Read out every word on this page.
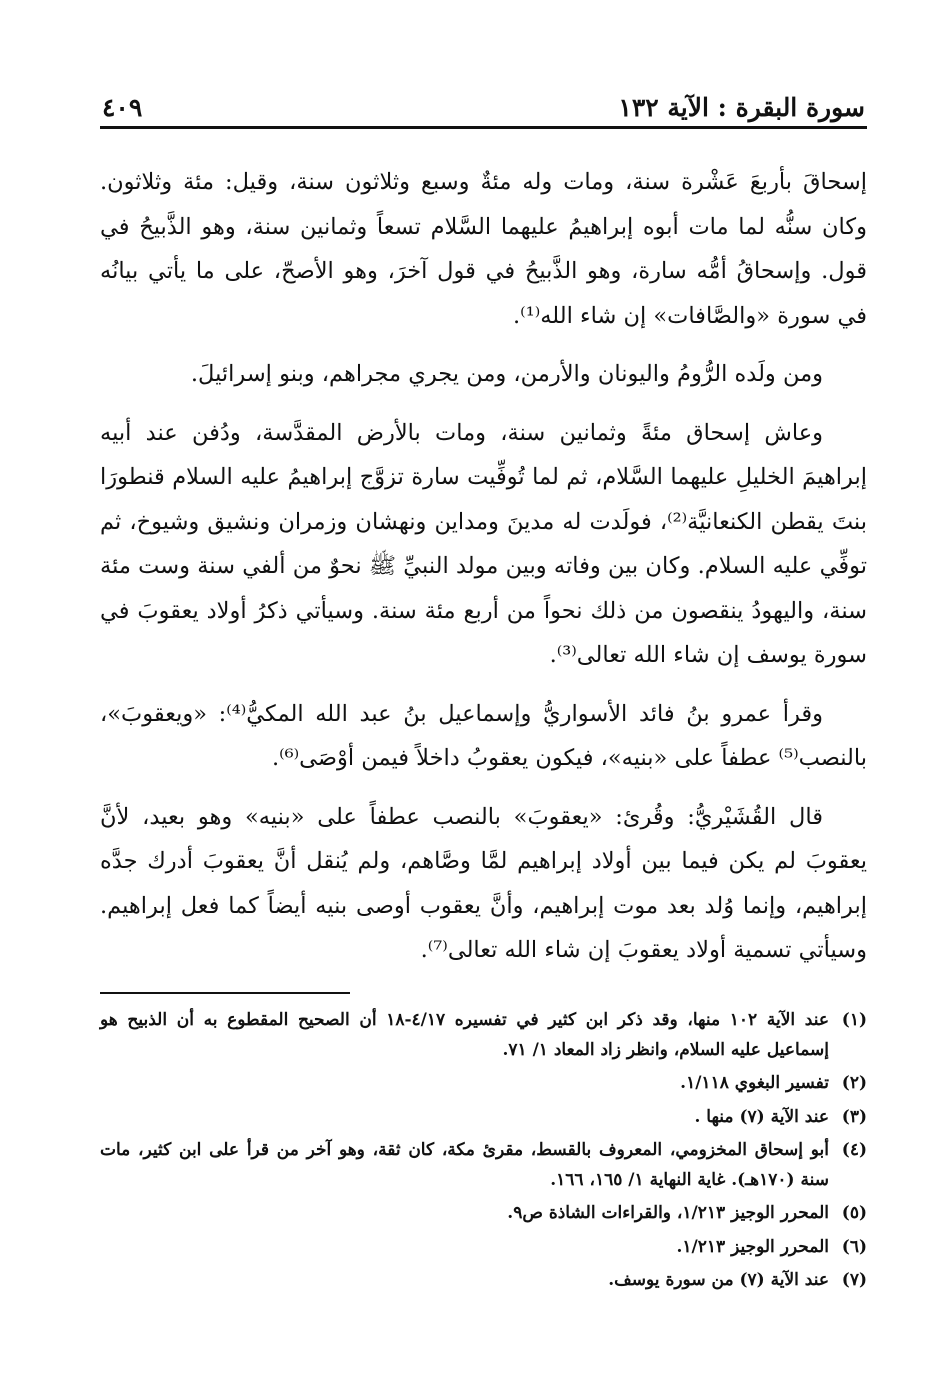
سورة البقرة : الآية ١٣٢
٤٠٩

إسحاقَ بأربعَ عَشْرة سنة، ومات وله مئةٌ وسبع وثلاثون سنة، وقيل: مئة وثلاثون. وكان سنُّه لما مات أبوه إبراهيمُ عليهما السَّلام تسعاً وثمانين سنة، وهو الذَّبيحُ في قول. وإسحاقُ أمُّه سارة، وهو الذَّبيحُ في قول آخرَ، وهو الأصحّ، على ما يأتي بيانُه في سورة «والصَّافات» إن شاء الله⁽¹⁾.

ومن ولَده الرُّومُ واليونان والأرمن، ومن يجري مجراهم، وبنو إسرائيلَ.

وعاش إسحاق مئةً وثمانين سنة، ومات بالأرض المقدَّسة، ودُفن عند أبيه إبراهيمَ الخليلِ عليهما السَّلام، ثم لما تُوفِّيت سارة تزوَّج إبراهيمُ عليه السلام قنطورَا بنتَ يقطن الكنعانيَّة⁽²⁾، فولَدت له مدينَ ومداين ونهشان وزمران ونشيق وشيوخ، ثم توفِّي عليه السلام. وكان بين وفاته وبين مولد النبيِّ ﷺ نحوٌ من ألفي سنة وست مئة سنة، واليهودُ ينقصون من ذلك نحواً من أربع مئة سنة. وسيأتي ذكرُ أولاد يعقوبَ في سورة يوسف إن شاء الله تعالى⁽³⁾.

وقرأ عمرو بنُ فائد الأسواريُّ وإسماعيل بنُ عبد الله المكيُّ⁽⁴⁾: «ويعقوبَ»، بالنصب⁽⁵⁾ عطفاً على «بنيه»، فيكون يعقوبُ داخلاً فيمن أوْصَى⁽⁶⁾.

قال القُشَيْريُّ: وقُرئ: «يعقوبَ» بالنصب عطفاً على «بنيه» وهو بعيد، لأنَّ يعقوبَ لم يكن فيما بين أولاد إبراهيم لمَّا وصَّاهم، ولم يُنقل أنَّ يعقوبَ أدرك جدَّه إبراهيم، وإنما وُلد بعد موت إبراهيم، وأنَّ يعقوب أوصى بنيه أيضاً كما فعل إبراهيم. وسيأتي تسمية أولاد يعقوبَ إن شاء الله تعالى⁽⁷⁾.

(١)
عند الآية ١٠٢ منها، وقد ذكر ابن كثير في تفسيره ٤/١٧-١٨ أن الصحيح المقطوع به أن الذبيح هو إسماعيل عليه السلام، وانظر زاد المعاد ١/ ٧١.
(٢)
تفسير البغوي ١/١١٨.
(٣)
عند الآية (٧) منها .
(٤)
أبو إسحاق المخزومي، المعروف بالقسط، مقرئ مكة، كان ثقة، وهو آخر من قرأ على ابن كثير، مات سنة (١٧٠هـ). غاية النهاية ١/ ١٦٥، ١٦٦.
(٥)
المحرر الوجيز ١/٢١٣، والقراءات الشاذة ص٩.
(٦)
المحرر الوجيز ١/٢١٣.
(٧)
عند الآية (٧) من سورة يوسف.
